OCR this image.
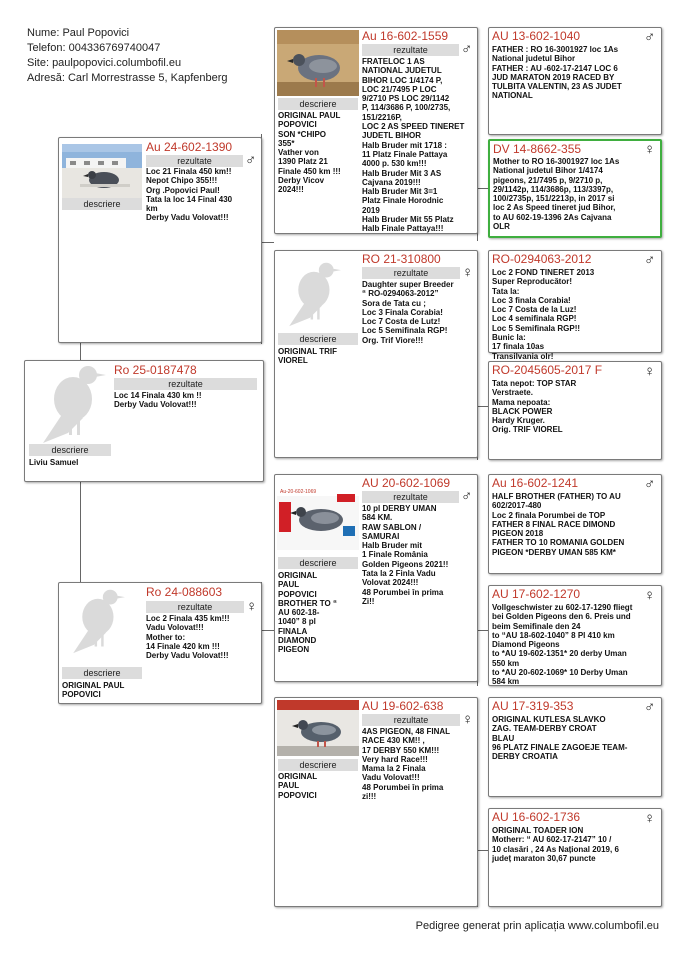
Nume: Paul Popovici
Telefon: 004336769740047
Site: paulpopovici.columbofil.eu
Adresă: Carl Morrestrasse 5, Kapfenberg
Ro 25-0187478
rezultate
Loc 14 Finala 430 km !!
Derby Vadu Volovat!!!
descriere
Liviu Samuel
Au 24-602-1390
♂
rezultate
Loc 21 Finala 450 km!!
Nepot Chipo 355!!!
Org .Popovici Paul!
Tata la loc 14 Final 430
km
Derby Vadu Volovat!!!
descriere
Ro 24-088603
♀
rezultate
Loc 2 Finala 435 km!!!
Vadu Volovat!!!
Mother to:
14 Finale 420 km !!!
Derby Vadu Volovat!!!
descriere
ORIGINAL PAUL
POPOVICI
Au 16-602-1559
♂
rezultate
FRATELOC 1 AS
NATIONAL JUDETUL
BIHOR LOC 1/4174 P,
LOC 21/7495 P LOC
9/2710 PS LOC 29/1142
P, 114/3686 P, 100/2735,
151/2216P,
LOC 2 AS SPEED TINERET
JUDETL BIHOR
Halb Bruder mit 1718 :
11 Platz Finale Pattaya
4000 p. 530 km!!!
Halb Bruder Mit 3 AS
Cajvana 2019!!!
Halb Bruder Mit 3=1
Platz Finale Horodnic
2019
Halb Bruder Mit 55 Platz
Halb Finale Pattaya!!!
descriere
ORIGINAL PAUL
POPOVICI
SON *CHIPO
355*
Vather von
1390 Platz 21
Finale 450 km !!!
Derby Vicov
2024!!!
RO 21-310800
♀
rezultate
Daughter super Breeder
“ RO-0294063-2012”
Sora de Tata cu ;
Loc 3 Finala Corabia!
Loc 7 Costa de Lutz!
Loc 5 Semifinala RGP!
Org. Trif Viore!!!
descriere
ORIGINAL TRIF
VIOREL
Au-20-602-1069
AU 20-602-1069
♂
rezultate
10 pl DERBY UMAN
584 KM.
RAW SABLON /
SAMURAI
Halb Bruder mit
1 Finale România
Golden Pigeons 2021!!
Tata la 2 Finla Vadu
Volovat 2024!!!
48 Porumbei în prima
Zi!!
descriere
ORIGINAL
PAUL
POPOVICI
BROTHER TO “
AU 602-18-
1040” 8 pl
FINALA
DIAMOND
PIGEON
AU 19-602-638
♀
rezultate
4AS PIGEON, 48 FINAL
RACE 430 KM!! ,
17 DERBY 550 KM!!!
Very hard Race!!!
Mama la 2 Finala
Vadu Volovat!!!
48 Porumbei în prima
zi!!!
descriere
ORIGINAL
PAUL
POPOVICI
AU 13-602-1040	♂
FATHER : RO 16-3001927 loc 1As
National judetul Bihor
FATHER : AU -602-17-2147 LOC 6
JUD MARATON 2019 RACED BY
TULBITA VALENTIN, 23 AS JUDET
NATIONAL
DV 14-8662-355	♀
Mother to RO 16-3001927 loc 1As
National judetul Bihor 1/4174
pigeons, 21/7495 p, 9/2710 p,
29/1142p, 114/3686p, 113/3397p,
100/2735p, 151/2213p, in 2017 si
loc 2 As Speed tineret jud Bihor,
to AU 602-19-1396 2As Cajvana
OLR
RO-0294063-2012	♂
Loc 2 FOND TINERET 2013
Super Reproducător!
Tata la:
Loc 3 finala Corabia!
Loc 7 Costa de la Luz!
Loc 4 semifinala RGP!
Loc 5 Semifinala RGP!!
Bunic la:
17 finala 10as
Transilvania olr!
RO-2045605-2017 F	♀
Tata nepot: TOP STAR
Verstraete.
Mama nepoata:
BLACK POWER
Hardy Kruger.
Orig. TRIF VIOREL
Au 16-602-1241	♂
HALF BROTHER (FATHER) TO AU
602/2017-480
Loc 2 finala Porumbei de TOP
FATHER 8 FINAL RACE DIMOND
PIGEON 2018
FATHER TO 10 ROMANIA GOLDEN
PIGEON *DERBY UMAN 585 KM*
AU 17-602-1270	♀
Vollgeschwister zu 602-17-1290 fliegt
bei Golden Pigeons den 6. Preis und
beim Semifinale den 24
to “AU 18-602-1040” 8 Pl 410 km
Diamond Pigeons
to *AU 19-602-1351* 20 derby Uman
550 km
to *AU 20-602-1069* 10 Derby Uman
584 km
AU 17-319-353	♂
ORIGINAL KUTLESA SLAVKO
ZAG. TEAM-DERBY CROAT
BLAU
96 PLATZ FINALE ZAGOEJE TEAM-
DERBY CROATIA
AU 16-602-1736	♀
ORIGINAL TOADER ION
Motherr: “ AU 602-17-2147” 10 /
10 clasări , 24 As Național 2019, 6
județ maraton 30,67 puncte
Pedigree generat prin aplicația www.columbofil.eu
